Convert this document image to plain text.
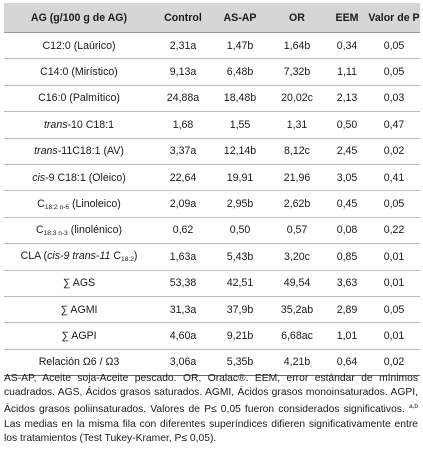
AG (g/100 g de AG)	Control	AS-AP	OR	EEM	Valor de P
C12:0 (Laúrico)	2,31a	1,47b	1,64b	0,34	0,05
C14:0 (Mirístico)	9,13a	6,48b	7,32b	1,11	0,05
C16:0 (Palmítico)	24,88a	18,48b	20,02c	2,13	0,03
trans-10 C18:1	1,68	1,55	1,31	0,50	0,47
trans-11C18:1 (AV)	3,37a	12,14b	8,12c	2,45	0,02
cis-9 C18:1 (Oleico)	22,64	19,91	21,96	3,05	0,41
$C_{18:2 n-6}$ (Linoleico)	2,09a	2,95b	2,62b	0,45	0,05
$C_{18:3 n-3}$ (linolénico)	0,62	0,50	0,57	0,08	0,22
CLA (cis-9 trans-11 $C_{18:2}$)	1,63a	5,43b	3,20c	0,85	0,01
∑ AGS	53,38	42,51	49,54	3,63	0,01
∑ AGMI	31,3a	37,9b	35,2ab	2,89	0,05
∑ AGPI	4,60a	9,21b	6,68ac	1,01	0,01
Relación Ω6 / Ω3	3,06a	5,35b	4,21b	0,64	0,02
AS-AP, Aceite soja-Aceite pescado. OR, Oralac®. EEM, error estándar de mínimos cuadrados. AGS, Ácidos grasos saturados. AGMI, Ácidos grasos monoinsaturados. AGPI, Ácidos grasos poliinsaturados. Valores de P≤ 0,05 fueron considerados significativos. $^{a,b}$ Las medias en la misma fila con diferentes superíndices difieren significativamente entre los tratamientos (Test Tukey-Kramer, P≤ 0,05).
